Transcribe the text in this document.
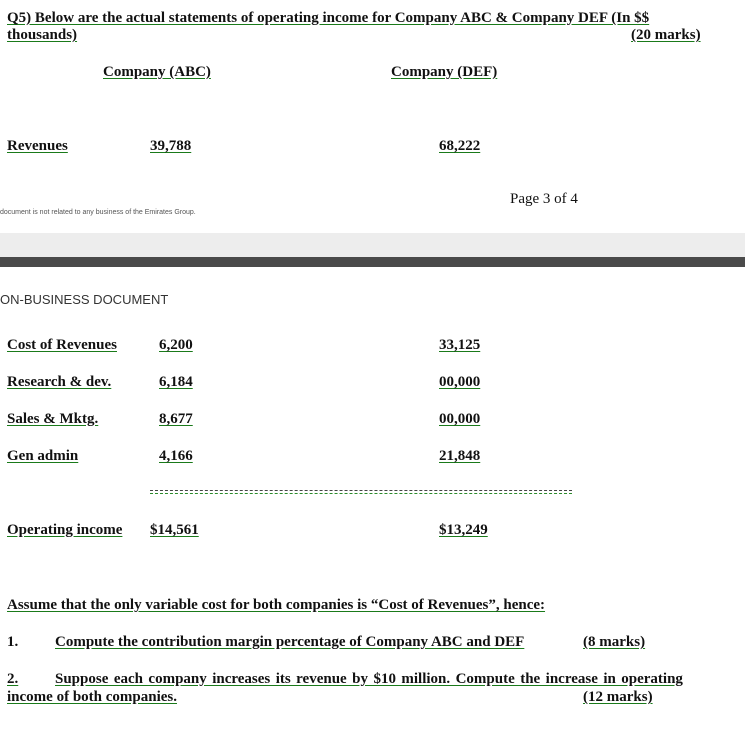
Q5) Below are the actual statements of operating income for Company ABC & Company DEF (In $$
thousands)	(20 marks)
Company (ABC)	Company (DEF)
Revenues	39,788	68,222
Page 3 of 4
document is not related to any business of the Emirates Group.
ON-BUSINESS DOCUMENT
Cost of Revenues	6,200	33,125
Research & dev.	6,184	00,000
Sales & Mktg.	8,677	00,000
Gen admin	4,166	21,848
Operating income $14,561	$13,249
Assume that the only variable cost for both companies is “Cost of Revenues”, hence:
1. Compute the contribution margin percentage of Company ABC and DEF	(8 marks)
2. Suppose each company increases its revenue by $10 million. Compute the increase in operating
income of both companies.	(12 marks)
